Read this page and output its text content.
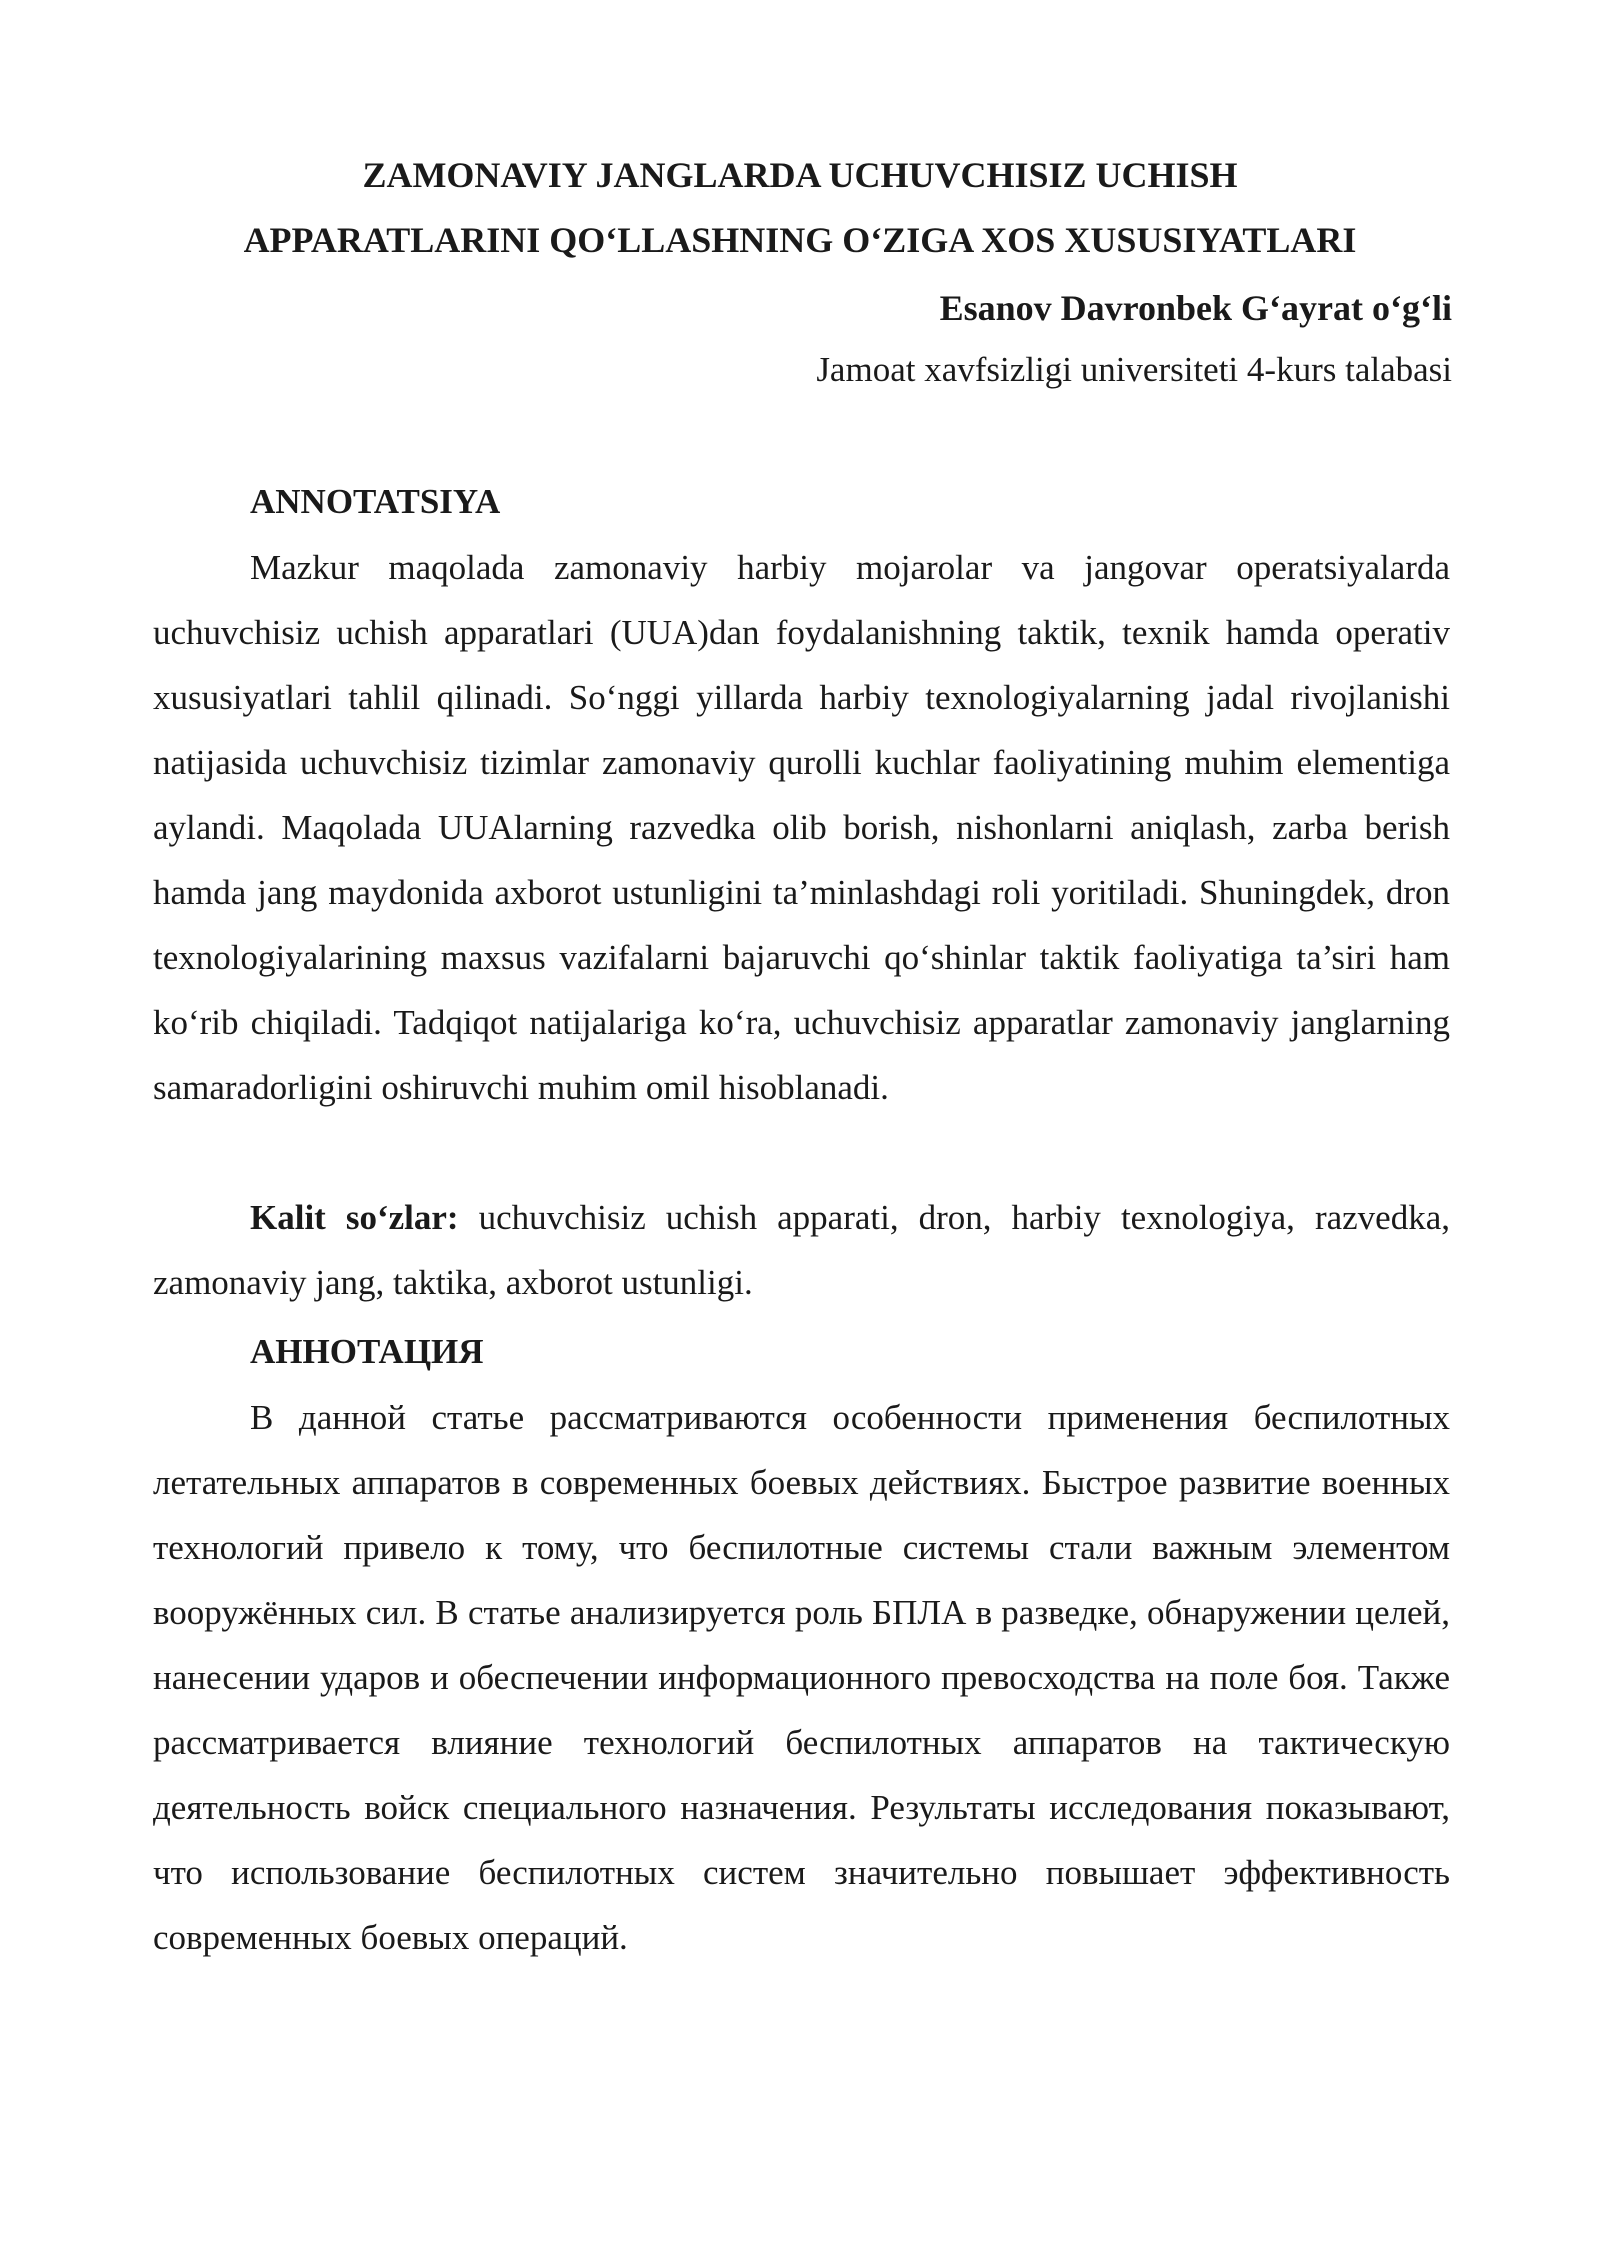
ZAMONAVIY JANGLARDA UCHUVCHISIZ UCHISH
APPARATLARINI QO‘LLASHNING O‘ZIGA XOS XUSUSIYATLARI
Esanov Davronbek G‘ayrat o‘g‘li
Jamoat xavfsizligi universiteti 4-kurs talabasi
ANNOTATSIYA

Mazkur maqolada zamonaviy harbiy mojarolar va jangovar operatsiyalarda uchuvchisiz uchish apparatlari (UUA)dan foydalanishning taktik, texnik hamda operativ xususiyatlari tahlil qilinadi. So‘nggi yillarda harbiy texnologiyalarning jadal rivojlanishi natijasida uchuvchisiz tizimlar zamonaviy qurolli kuchlar faoliyatining muhim elementiga aylandi. Maqolada UUAlarning razvedka olib borish, nishonlarni aniqlash, zarba berish hamda jang maydonida axborot ustunligini ta’minlashdagi roli yoritiladi. Shuningdek, dron texnologiyalarining maxsus vazifalarni bajaruvchi qo‘shinlar taktik faoliyatiga ta’siri ham ko‘rib chiqiladi. Tadqiqot natijalariga ko‘ra, uchuvchisiz apparatlar zamonaviy janglarning samaradorligini oshiruvchi muhim omil hisoblanadi.

Kalit so‘zlar: uchuvchisiz uchish apparati, dron, harbiy texnologiya, razvedka, zamonaviy jang, taktika, axborot ustunligi.

АННОТАЦИЯ

В данной статье рассматриваются особенности применения беспилотных летательных аппаратов в современных боевых действиях. Быстрое развитие военных технологий привело к тому, что беспилотные системы стали важным элементом вооружённых сил. В статье анализируется роль БПЛА в разведке, обнаружении целей, нанесении ударов и обеспечении информационного превосходства на поле боя. Также рассматривается влияние технологий беспилотных аппаратов на тактическую деятельность войск специального назначения. Результаты исследования показывают, что использование беспилотных систем значительно повышает эффективность современных боевых операций.
